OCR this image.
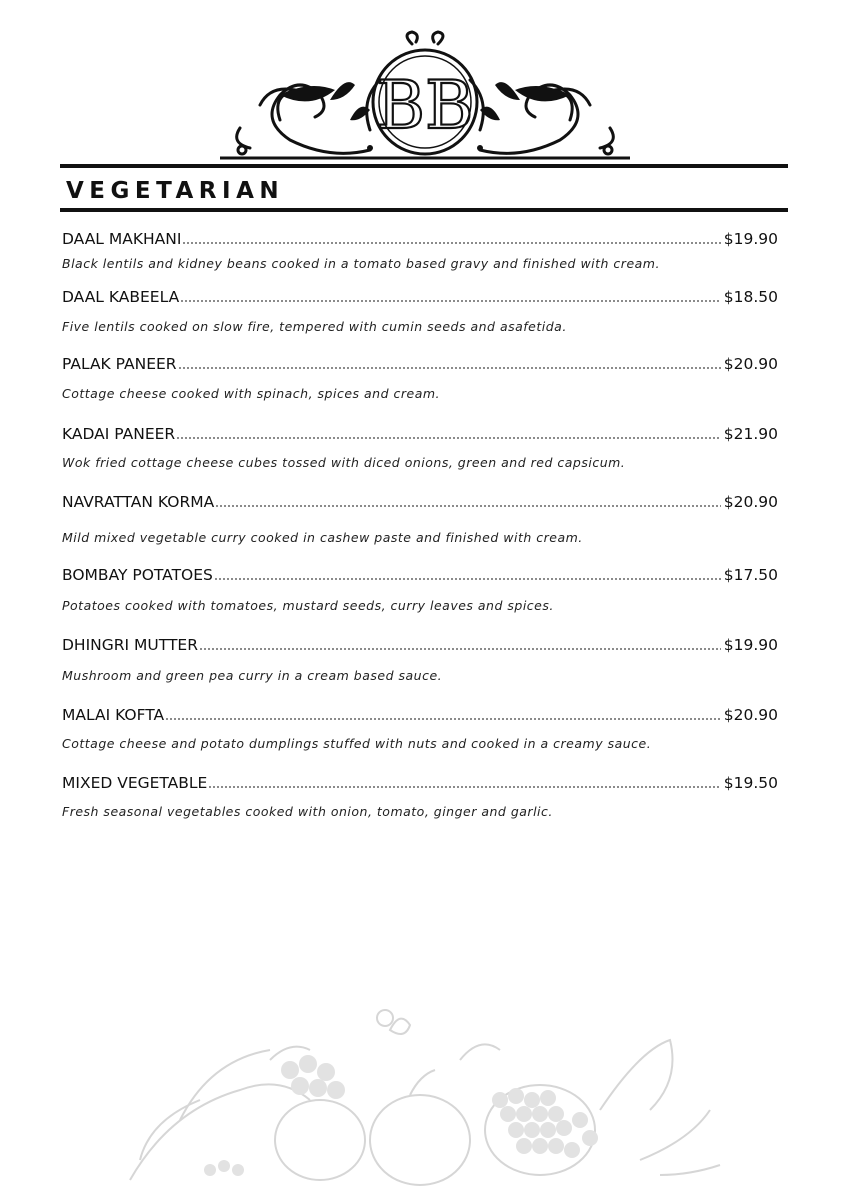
BB
VEGETARIAN
DAAL MAKHANI	$19.90
Black lentils and kidney beans cooked in a tomato based gravy and finished with cream.
DAAL KABEELA	$18.50
Five lentils cooked on slow fire, tempered with cumin seeds and asafetida.
PALAK PANEER	$20.90
Cottage cheese cooked with spinach, spices and cream.
KADAI PANEER	$21.90
Wok fried cottage cheese cubes tossed with diced onions, green and red capsicum.
NAVRATTAN KORMA	$20.90
Mild mixed vegetable curry cooked in cashew paste and finished with cream.
BOMBAY POTATOES	$17.50
Potatoes cooked with tomatoes, mustard seeds, curry leaves and spices.
DHINGRI MUTTER	$19.90
Mushroom and green pea curry in a cream based sauce.
MALAI KOFTA	$20.90
Cottage cheese and potato dumplings stuffed with nuts and cooked in a creamy sauce.
MIXED VEGETABLE	$19.50
Fresh seasonal vegetables cooked with onion, tomato, ginger and garlic.
